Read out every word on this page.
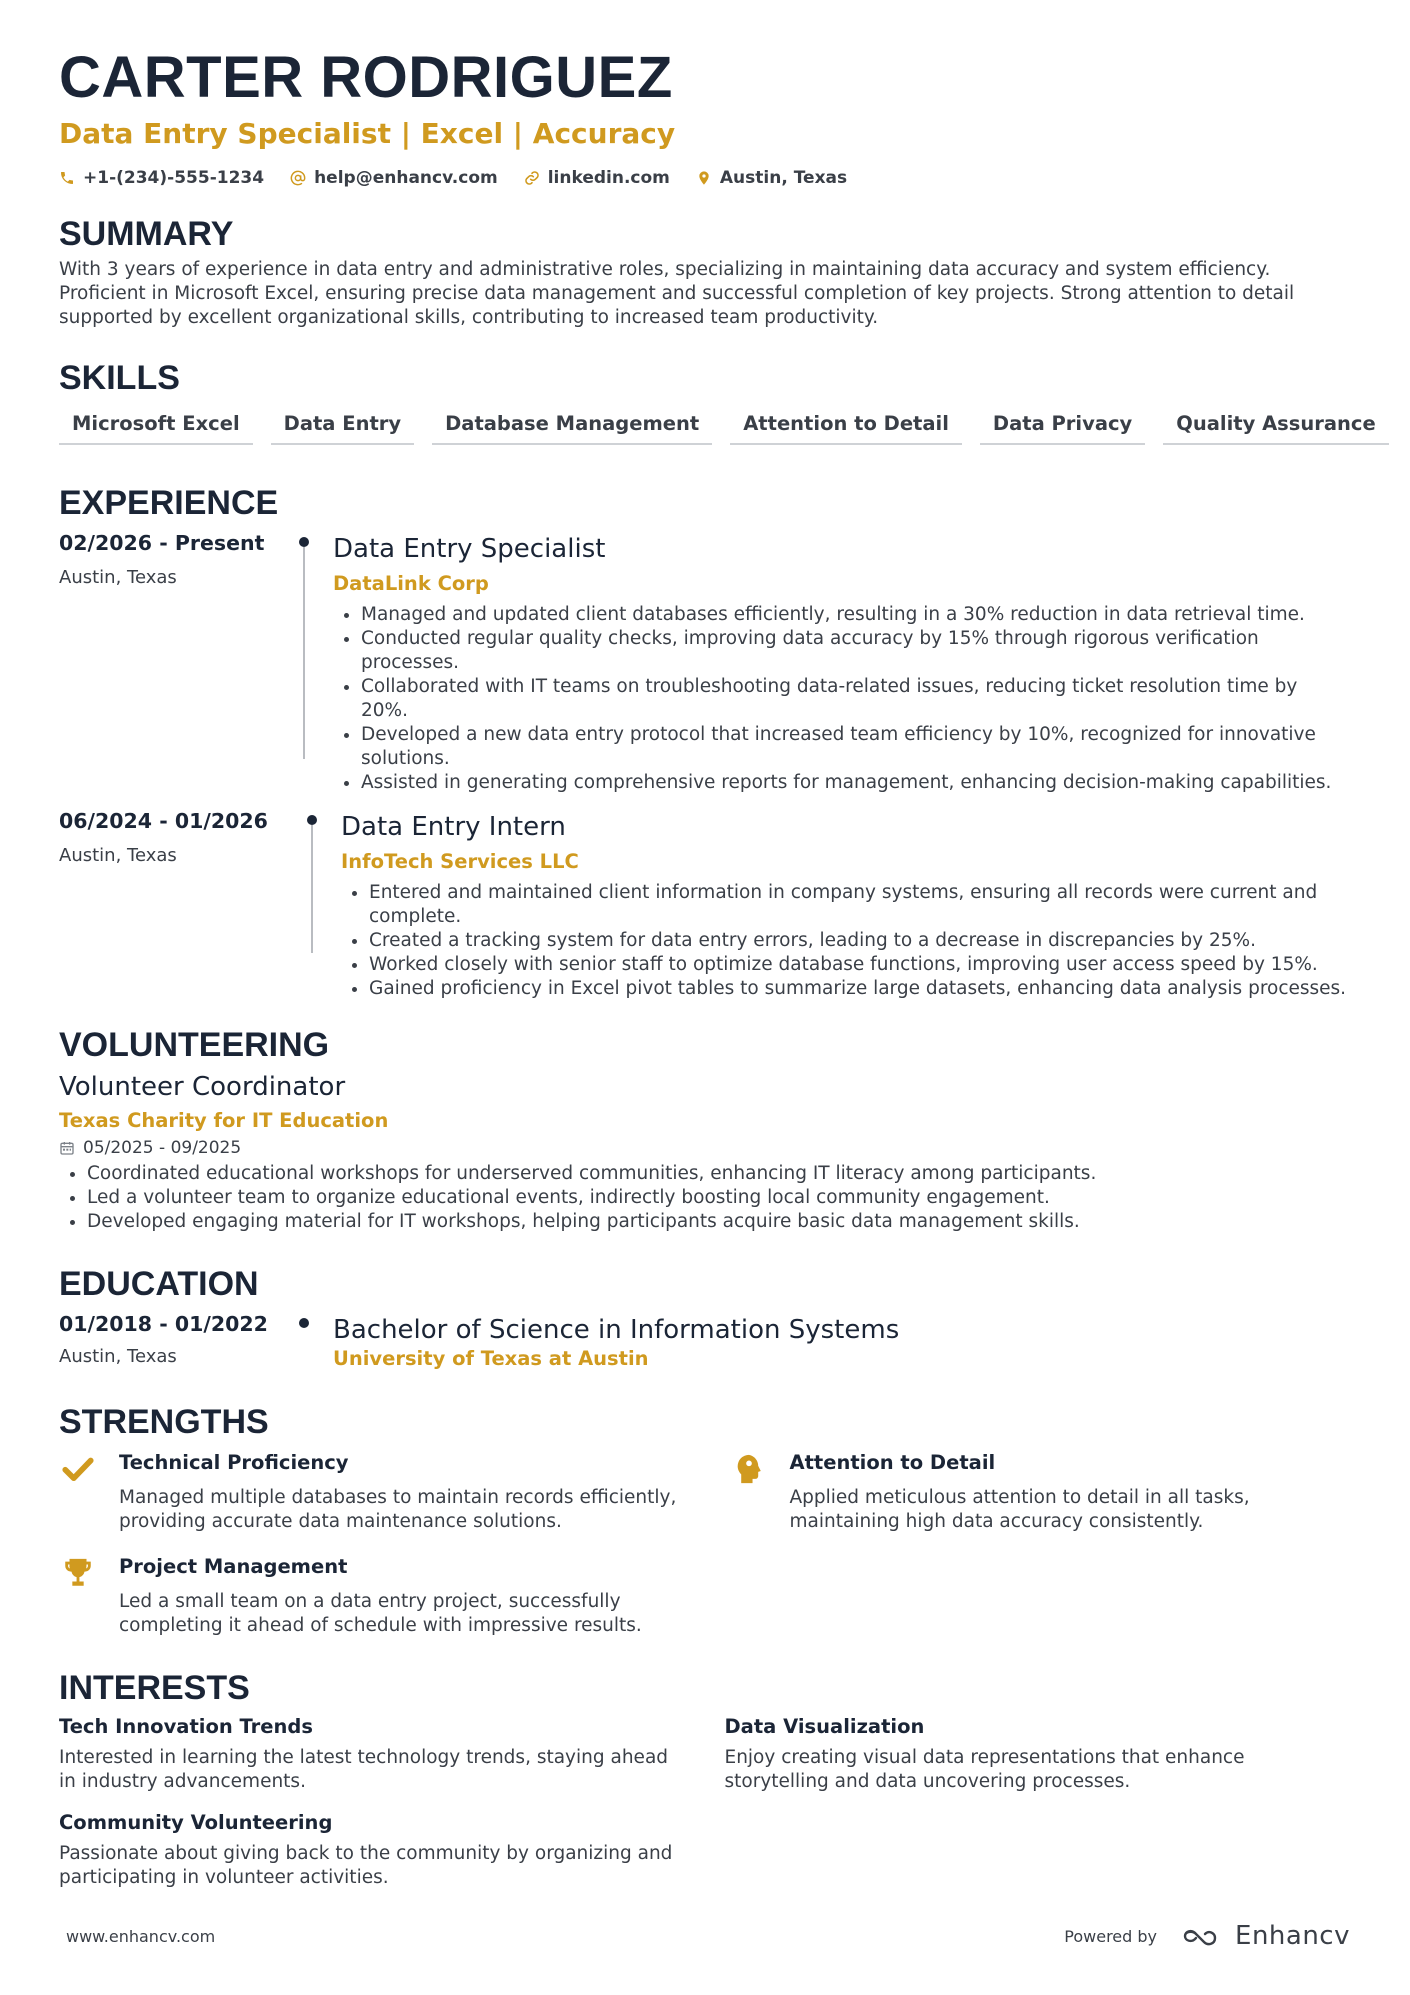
CARTER RODRIGUEZ
Data Entry Specialist | Excel | Accuracy
+1-(234)-555-1234	help@enhancv.com	linkedin.com	Austin, Texas
SUMMARY
With 3 years of experience in data entry and administrative roles, specializing in maintaining data accuracy and system efficiency. Proficient in Microsoft Excel, ensuring precise data management and successful completion of key projects. Strong attention to detail supported by excellent organizational skills, contributing to increased team productivity.
SKILLS
Microsoft Excel	Data Entry	Database Management	Attention to Detail	Data Privacy	Quality Assurance
EXPERIENCE
02/2026 - Present
Austin, Texas
Data Entry Specialist
DataLink Corp
• Managed and updated client databases efficiently, resulting in a 30% reduction in data retrieval time.
• Conducted regular quality checks, improving data accuracy by 15% through rigorous verification processes.
• Collaborated with IT teams on troubleshooting data-related issues, reducing ticket resolution time by 20%.
• Developed a new data entry protocol that increased team efficiency by 10%, recognized for innovative solutions.
• Assisted in generating comprehensive reports for management, enhancing decision-making capabilities.
06/2024 - 01/2026
Austin, Texas
Data Entry Intern
InfoTech Services LLC
• Entered and maintained client information in company systems, ensuring all records were current and complete.
• Created a tracking system for data entry errors, leading to a decrease in discrepancies by 25%.
• Worked closely with senior staff to optimize database functions, improving user access speed by 15%.
• Gained proficiency in Excel pivot tables to summarize large datasets, enhancing data analysis processes.
VOLUNTEERING
Volunteer Coordinator
Texas Charity for IT Education
05/2025 - 09/2025
• Coordinated educational workshops for underserved communities, enhancing IT literacy among participants.
• Led a volunteer team to organize educational events, indirectly boosting local community engagement.
• Developed engaging material for IT workshops, helping participants acquire basic data management skills.
EDUCATION
01/2018 - 01/2022
Austin, Texas
Bachelor of Science in Information Systems
University of Texas at Austin
STRENGTHS
Technical Proficiency
Managed multiple databases to maintain records efficiently, providing accurate data maintenance solutions.
Attention to Detail
Applied meticulous attention to detail in all tasks, maintaining high data accuracy consistently.
Project Management
Led a small team on a data entry project, successfully completing it ahead of schedule with impressive results.
INTERESTS
Tech Innovation Trends
Interested in learning the latest technology trends, staying ahead in industry advancements.
Data Visualization
Enjoy creating visual data representations that enhance storytelling and data uncovering processes.
Community Volunteering
Passionate about giving back to the community by organizing and participating in volunteer activities.
www.enhancv.com	Powered by	Enhancv
